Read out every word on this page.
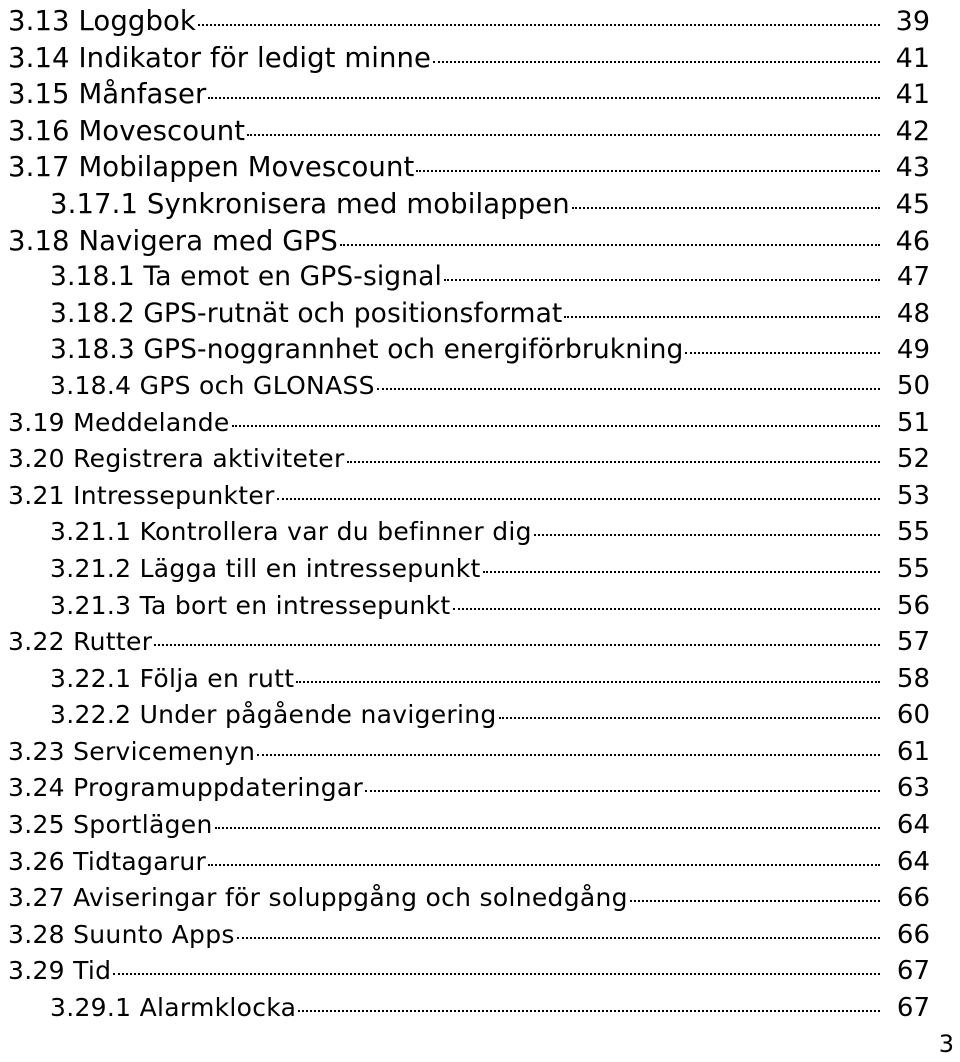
3.13 Loggbok	39
3.14 Indikator för ledigt minne	41
3.15 Månfaser	41
3.16 Movescount	42
3.17 Mobilappen Movescount	43
3.17.1 Synkronisera med mobilappen	45
3.18 Navigera med GPS	46
3.18.1 Ta emot en GPS-signal	47
3.18.2 GPS-rutnät och positionsformat	48
3.18.3 GPS-noggrannhet och energiförbrukning	49
3.18.4 GPS och GLONASS	50
3.19 Meddelande	51
3.20 Registrera aktiviteter	52
3.21 Intressepunkter	53
3.21.1 Kontrollera var du befinner dig	55
3.21.2 Lägga till en intressepunkt	55
3.21.3 Ta bort en intressepunkt	56
3.22 Rutter	57
3.22.1 Följa en rutt	58
3.22.2 Under pågående navigering	60
3.23 Servicemenyn	61
3.24 Programuppdateringar	63
3.25 Sportlägen	64
3.26 Tidtagarur	64
3.27 Aviseringar för soluppgång och solnedgång	66
3.28 Suunto Apps	66
3.29 Tid	67
3.29.1 Alarmklocka	67
3
